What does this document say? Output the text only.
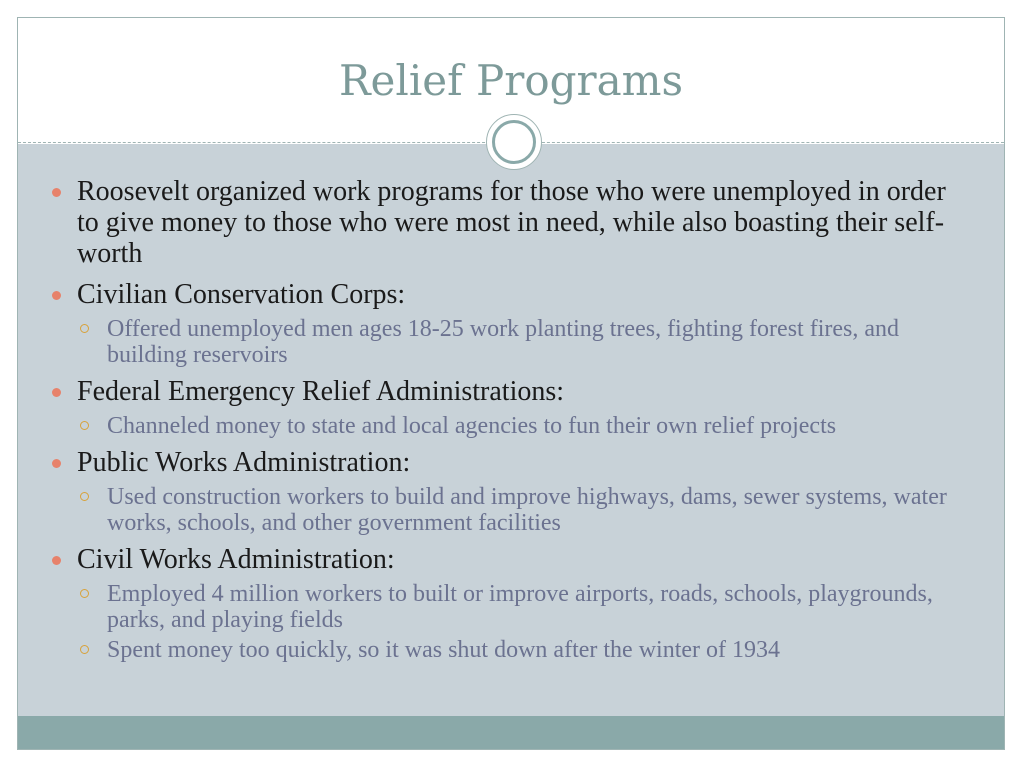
Relief Programs
Roosevelt organized work programs for those who were unemployed in order to give money to those who were most in need, while also boasting their self-worth
Civilian Conservation Corps:
Offered unemployed men ages 18-25 work planting trees, fighting forest fires, and building reservoirs
Federal Emergency Relief Administrations:
Channeled money to state and local agencies to fun their own relief projects
Public Works Administration:
Used construction workers to build and improve highways, dams, sewer systems, water works, schools, and other government facilities
Civil Works Administration:
Employed 4 million workers to built or improve airports, roads, schools, playgrounds, parks, and playing fields
Spent money too quickly, so it was shut down after the winter of 1934
